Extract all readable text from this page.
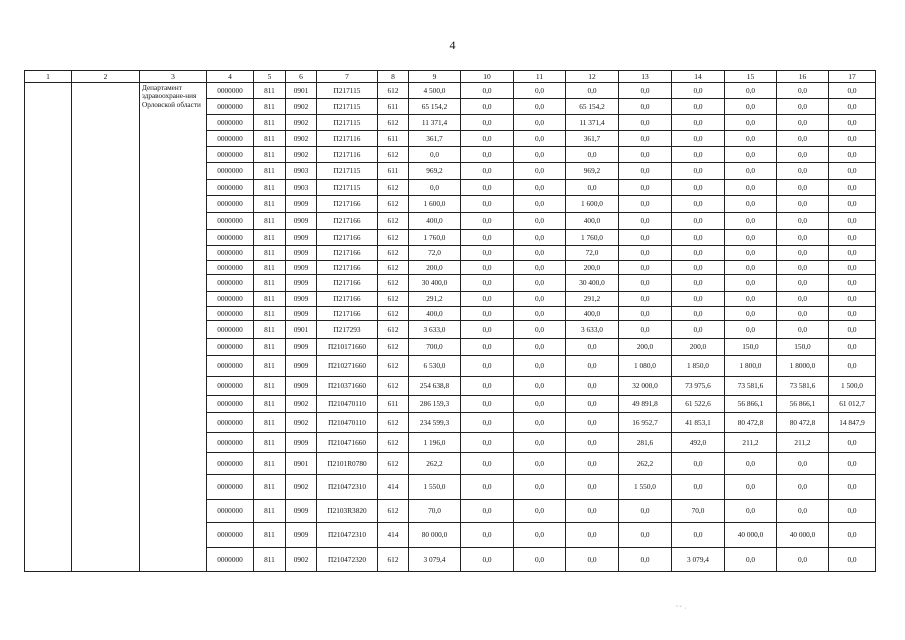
4
1	2	3	4	5	6	7	8	9	10	11	12	13	14	15	16	17
		Департамент здравоохране-ния Орловской области	0000000	811	0901	П217115	612	4 500,0	0,0	0,0	0,0	0,0	0,0	0,0	0,0	0,0
			0000000	811	0902	П217115	611	65 154,2	0,0	0,0	65 154,2	0,0	0,0	0,0	0,0	0,0
			0000000	811	0902	П217115	612	11 371,4	0,0	0,0	11 371,4	0,0	0,0	0,0	0,0	0,0
			0000000	811	0902	П217116	611	361,7	0,0	0,0	361,7	0,0	0,0	0,0	0,0	0,0
			0000000	811	0902	П217116	612	0,0	0,0	0,0	0,0	0,0	0,0	0,0	0,0	0,0
			0000000	811	0903	П217115	611	969,2	0,0	0,0	969,2	0,0	0,0	0,0	0,0	0,0
			0000000	811	0903	П217115	612	0,0	0,0	0,0	0,0	0,0	0,0	0,0	0,0	0,0
			0000000	811	0909	П217166	612	1 600,0	0,0	0,0	1 600,0	0,0	0,0	0,0	0,0	0,0
			0000000	811	0909	П217166	612	400,0	0,0	0,0	400,0	0,0	0,0	0,0	0,0	0,0
			0000000	811	0909	П217166	612	1 760,0	0,0	0,0	1 760,0	0,0	0,0	0,0	0,0	0,0
			0000000	811	0909	П217166	612	72,0	0,0	0,0	72,0	0,0	0,0	0,0	0,0	0,0
			0000000	811	0909	П217166	612	200,0	0,0	0,0	200,0	0,0	0,0	0,0	0,0	0,0
			0000000	811	0909	П217166	612	30 400,0	0,0	0,0	30 400,0	0,0	0,0	0,0	0,0	0,0
			0000000	811	0909	П217166	612	291,2	0,0	0,0	291,2	0,0	0,0	0,0	0,0	0,0
			0000000	811	0909	П217166	612	400,0	0,0	0,0	400,0	0,0	0,0	0,0	0,0	0,0
			0000000	811	0901	П217293	612	3 633,0	0,0	0,0	3 633,0	0,0	0,0	0,0	0,0	0,0
			0000000	811	0909	П210171660	612	700,0	0,0	0,0	0,0	200,0	200,0	150,0	150,0	0,0
			0000000	811	0909	П210271660	612	6 530,0	0,0	0,0	0,0	1 080,0	1 850,0	1 800,0	1 8000,0	0,0
			0000000	811	0909	П210371660	612	254 638,8	0,0	0,0	0,0	32 000,0	73 975,6	73 581,6	73 581,6	1 500,0
			0000000	811	0902	П210470110	611	286 159,3	0,0	0,0	0,0	49 891,8	61 522,6	56 866,1	56 866,1	61 012,7
			0000000	811	0902	П210470110	612	234 599,3	0,0	0,0	0,0	16 952,7	41 853,1	80 472,8	80 472,8	14 847,9
			0000000	811	0909	П210471660	612	1 196,0	0,0	0,0	0,0	281,6	492,0	211,2	211,2	0,0
			0000000	811	0901	П2101R0780	612	262,2	0,0	0,0	0,0	262,2	0,0	0,0	0,0	0,0
			0000000	811	0902	П210472310	414	1 550,0	0,0	0,0	0,0	1 550,0	0,0	0,0	0,0	0,0
			0000000	811	0909	П2103R3820	612	70,0	0,0	0,0	0,0	0,0	70,0	0,0	0,0	0,0
			0000000	811	0909	П210472310	414	80 000,0	0,0	0,0	0,0	0,0	0,0	40 000,0	40 000,0	0,0
			0000000	811	0902	П210472320	612	3 079,4	0,0	0,0	0,0	0,0	3 079,4	0,0	0,0	0,0
˜ ˘  ·
